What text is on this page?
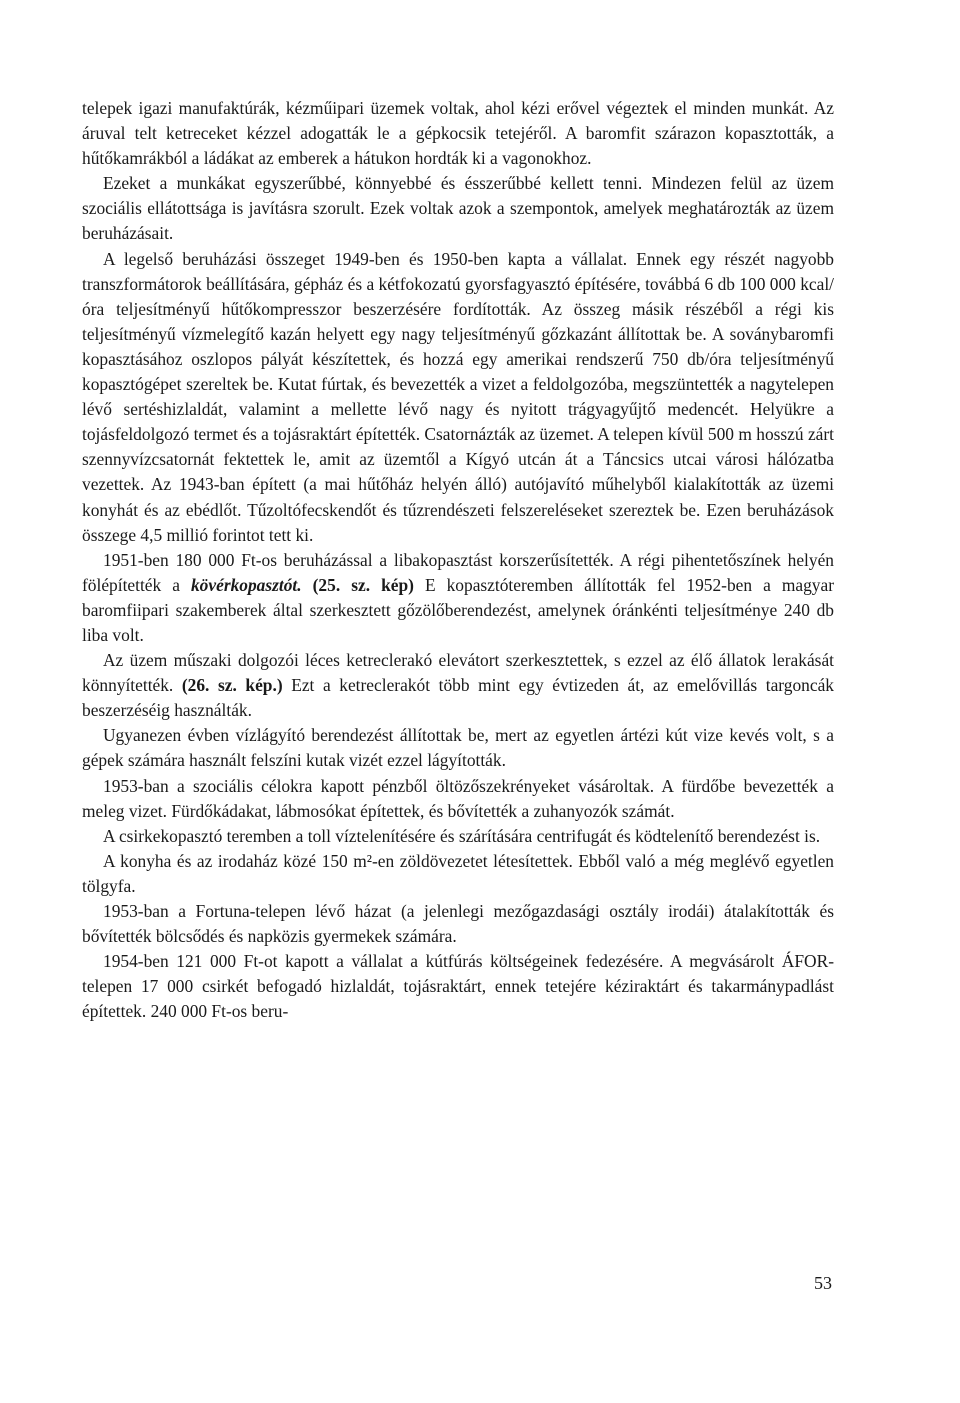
telepek igazi manufaktúrák, kézműipari üzemek voltak, ahol kézi erővel végeztek el minden munkát. Az áruval telt ketreceket kézzel adogatták le a gépkocsik tetejéről. A baromfit szárazon kopasztották, a hűtőkamrákból a ládákat az emberek a hátukon hordták ki a vagonokhoz.

Ezeket a munkákat egyszerűbbé, könnyebbé és ésszerűbbé kellett tenni. Mindezen felül az üzem szociális ellátottsága is javításra szorult. Ezek voltak azok a szempontok, amelyek meghatározták az üzem beruházásait.

A legelső beruházási összeget 1949-ben és 1950-ben kapta a vállalat. Ennek egy részét nagyobb transzformátorok beállítására, gépház és a kétfokozatú gyorsfagyasztó építésére, továbbá 6 db 100 000 kcal/óra teljesítményű hűtőkompresszor beszerzésére fordították. Az összeg másik részéből a régi kis teljesítményű vízmelegítő kazán helyett egy nagy teljesítményű gőzkazánt állítottak be. A soványbaromfi kopasztásához oszlopos pályát készítettek, és hozzá egy amerikai rendszerű 750 db/óra teljesítményű kopasztógépet szereltek be. Kutat fúrtak, és bevezették a vizet a feldolgozóba, megszüntették a nagytelepen lévő sertéshizlaldát, valamint a mellette lévő nagy és nyitott trágyagyűjtő medencét. Helyükre a tojásfeldolgozó termet és a tojásraktárt építették. Csatornázták az üzemet. A telepen kívül 500 m hosszú zárt szennyvízcsatornát fektettek le, amit az üzemtől a Kígyó utcán át a Táncsics utcai városi hálózatba vezettek. Az 1943-ban épített (a mai hűtőház helyén álló) autójavító műhelyből kialakították az üzemi konyhát és az ebédlőt. Tűzoltófecskendőt és tűzrendészeti felszereléseket szereztek be. Ezen beruházások összege 4,5 millió forintot tett ki.

1951-ben 180 000 Ft-os beruházással a libakopasztást korszerűsítették. A régi pihentetőszínek helyén fölépítették a kövérkopasztót. (25. sz. kép) E kopasztóteremben állították fel 1952-ben a magyar baromfiipari szakemberek által szerkesztett gőzölőberendezést, amelynek óránkénti teljesítménye 240 db liba volt.

Az üzem műszaki dolgozói léces ketreclerakó elevátort szerkesztettek, s ezzel az élő állatok lerakását könnyítették. (26. sz. kép.) Ezt a ketreclerakót több mint egy évtizeden át, az emelővillás targoncák beszerzéséig használták.

Ugyanezen évben vízlágyító berendezést állítottak be, mert az egyetlen ártézi kút vize kevés volt, s a gépek számára használt felszíni kutak vizét ezzel lágyították.

1953-ban a szociális célokra kapott pénzből öltözőszekrényeket vásároltak. A fürdőbe bevezették a meleg vizet. Fürdőkádakat, lábmosókat építettek, és bővítették a zuhanyozók számát.

A csirkekopasztó teremben a toll víztelenítésére és szárítására centrifugát és ködtelenítő berendezést is.

A konyha és az irodaház közé 150 m²-en zöldövezetet létesítettek. Ebből való a még meglévő egyetlen tölgyfa.

1953-ban a Fortuna-telepen lévő házat (a jelenlegi mezőgazdasági osztály irodái) átalakították és bővítették bölcsődés és napközis gyermekek számára.

1954-ben 121 000 Ft-ot kapott a vállalat a kútfúrás költségeinek fedezésére. A megvásárolt ÁFOR-telepen 17 000 csirkét befogadó hizlaldát, tojásraktárt, ennek tetejére kéziraktárt és takarmánypadlást építettek. 240 000 Ft-os beru-

53
